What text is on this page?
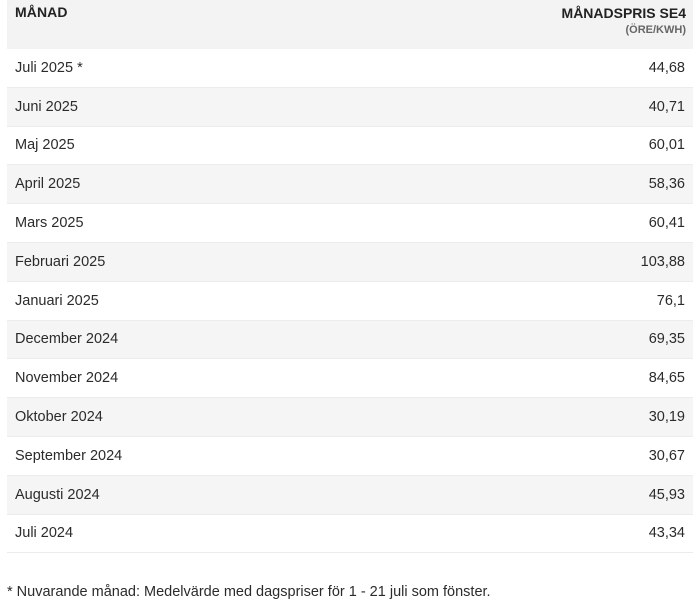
MÅNAD	MÅNADSPRIS SE4
(ÖRE/KWH)
Juli 2025 *	44,68
Juni 2025	40,71
Maj 2025	60,01
April 2025	58,36
Mars 2025	60,41
Februari 2025	103,88
Januari 2025	76,1
December 2024	69,35
November 2024	84,65
Oktober 2024	30,19
September 2024	30,67
Augusti 2024	45,93
Juli 2024	43,34
* Nuvarande månad: Medelvärde med dagspriser för 1 - 21 juli som fönster.
